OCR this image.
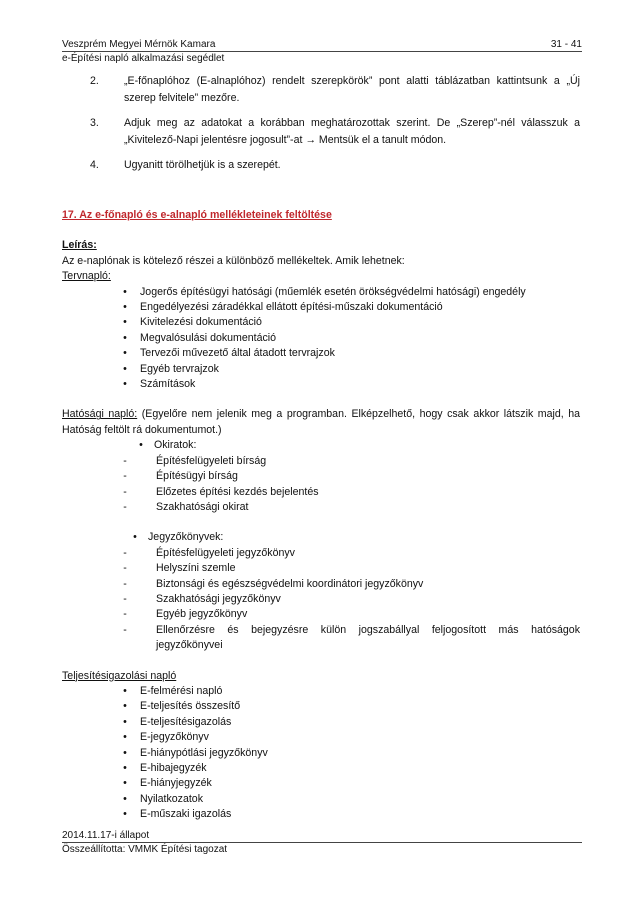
Veszprém Megyei Mérnök Kamara	31 - 41
e-Építési napló alkalmazási segédlet
2.	„E-főnaplóhoz (E-alnaplóhoz) rendelt szerepkörök” pont alatti táblázatban kattintsunk a „Új szerep felvitele” mezőre.
3.	Adjuk meg az adatokat a korábban meghatározottak szerint. De „Szerep”-nél válasszuk a „Kivitelező-Napi jelentésre jogosult”-at → Mentsük el a tanult módon.
4.	Ugyanitt törölhetjük is a szerepét.
17. Az e-főnapló és e-alnapló mellékleteinek feltöltése
Leírás:
Az e-naplónak is kötelező részei a különböző mellékeltek. Amik lehetnek:
Tervnapló:
•	Jogerős építésügyi hatósági (műemlék esetén örökségvédelmi hatósági) engedély
•	Engedélyezési záradékkal ellátott építési-műszaki dokumentáció
•	Kivitelezési dokumentáció
•	Megvalósulási dokumentáció
•	Tervezői művezető által átadott tervrajzok
•	Egyéb tervrajzok
•	Számítások
Hatósági napló: (Egyelőre nem jelenik meg a programban. Elképzelhető, hogy csak akkor látszik majd, ha Hatóság feltölt rá dokumentumot.)
•	Okiratok:
-	Építésfelügyeleti bírság
-	Építésügyi bírság
-	Előzetes építési kezdés bejelentés
-	Szakhatósági okirat
•	Jegyzőkönyvek:
-	Építésfelügyeleti jegyzőkönyv
-	Helyszíni szemle
-	Biztonsági és egészségvédelmi koordinátori jegyzőkönyv
-	Szakhatósági jegyzőkönyv
-	Egyéb jegyzőkönyv
-	Ellenőrzésre és bejegyzésre külön jogszabállyal feljogosított más hatóságok jegyzőkönyvei
Teljesítésigazolási napló
•	E-felmérési napló
•	E-teljesítés összesítő
•	E-teljesítésigazolás
•	E-jegyzőkönyv
•	E-hiánypótlási jegyzőkönyv
•	E-hibajegyzék
•	E-hiányjegyzék
•	Nyilatkozatok
•	E-műszaki igazolás
2014.11.17-i állapot
Összeállította: VMMK Építési tagozat
